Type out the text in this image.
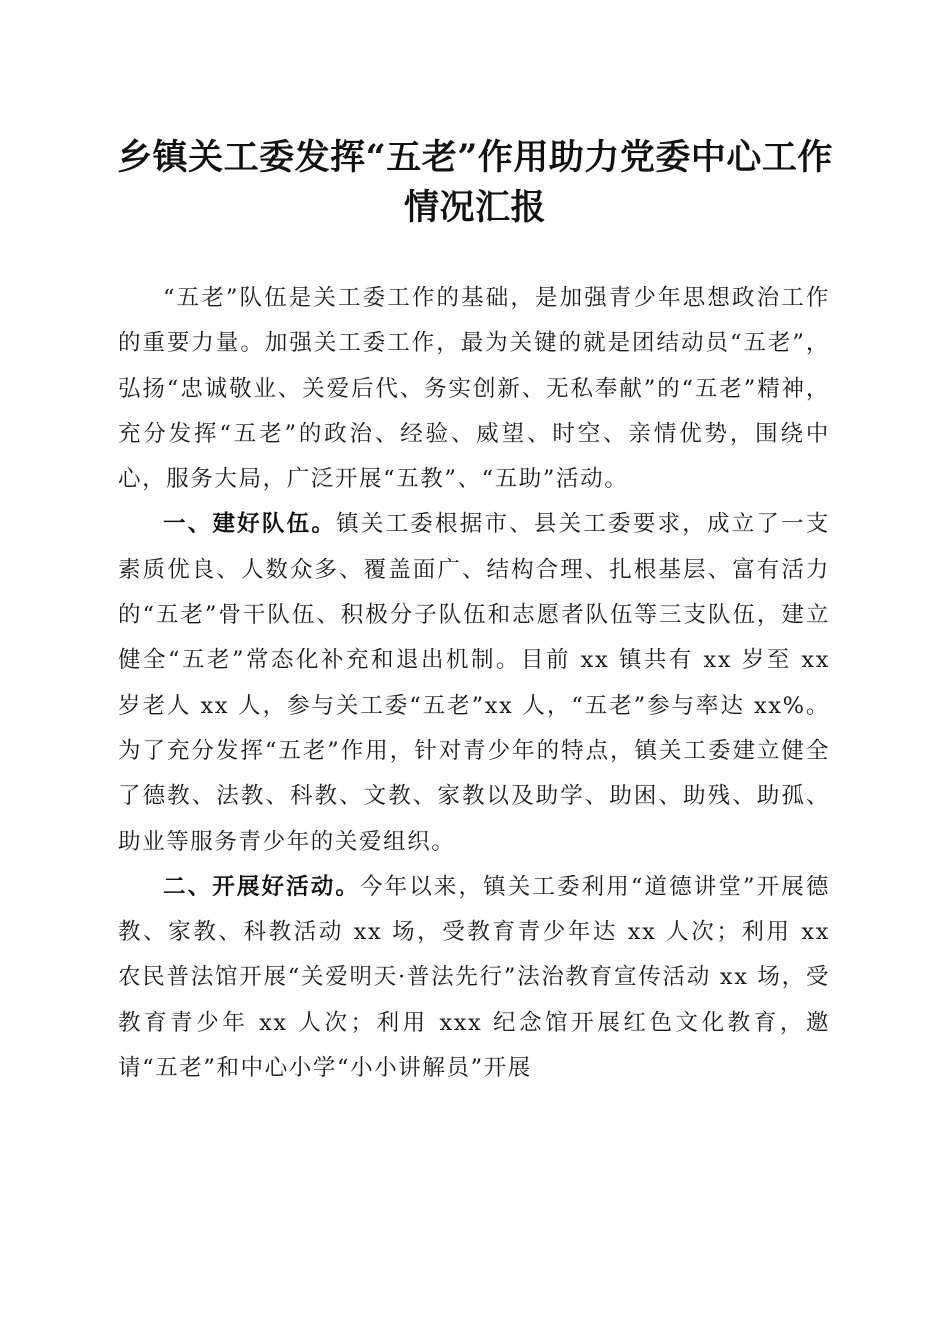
乡镇关工委发挥“五老”作用助力党委中心工作情况汇报

“五老”队伍是关工委工作的基础，是加强青少年思想政治工作的重要力量。加强关工委工作，最为关键的就是团结动员“五老”，弘扬“忠诚敬业、关爱后代、务实创新、无私奉献”的“五老”精神，充分发挥“五老”的政治、经验、威望、时空、亲情优势，围绕中心，服务大局，广泛开展“五教”、“五助”活动。

一、建好队伍。镇关工委根据市、县关工委要求，成立了一支素质优良、人数众多、覆盖面广、结构合理、扎根基层、富有活力的“五老”骨干队伍、积极分子队伍和志愿者队伍等三支队伍，建立健全“五老”常态化补充和退出机制。目前 xx 镇共有 xx 岁至 xx 岁老人 xx 人，参与关工委“五老”xx 人，“五老”参与率达 xx%。为了充分发挥“五老”作用，针对青少年的特点，镇关工委建立健全了德教、法教、科教、文教、家教以及助学、助困、助残、助孤、助业等服务青少年的关爱组织。

二、开展好活动。今年以来，镇关工委利用“道德讲堂”开展德教、家教、科教活动 xx 场，受教育青少年达 xx 人次；利用 xx 农民普法馆开展“关爱明天·普法先行”法治教育宣传活动 xx 场，受教育青少年 xx 人次；利用 xxx 纪念馆开展红色文化教育，邀请“五老”和中心小学“小小讲解员”开展
